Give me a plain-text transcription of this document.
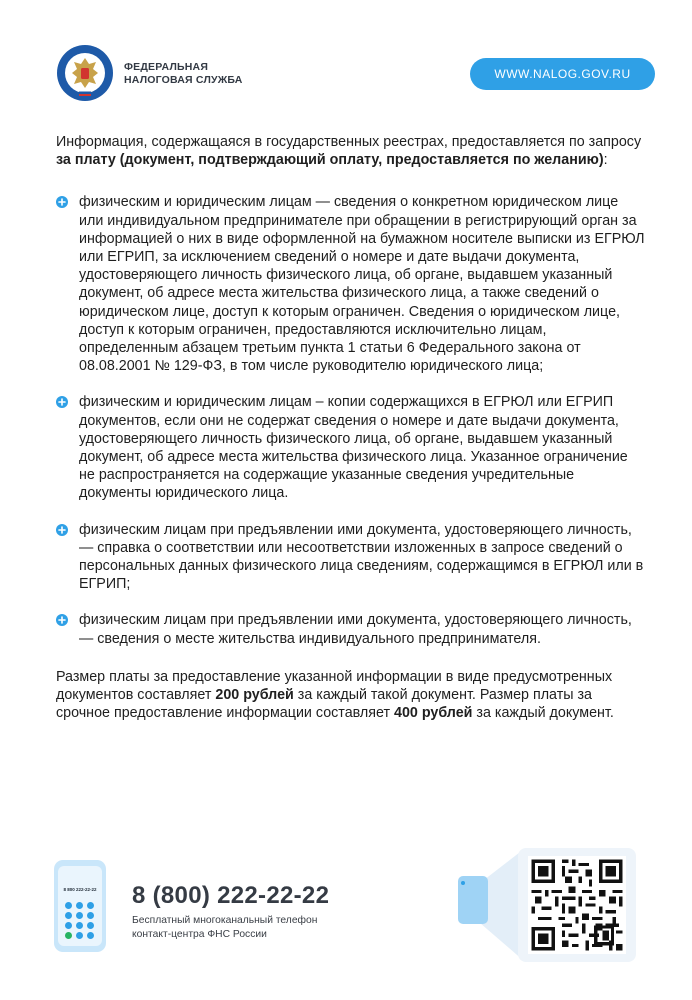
ФЕДЕРАЛЬНАЯ
НАЛОГОВАЯ СЛУЖБА	WWW.NALOG.GOV.RU

Информация, содержащаяся в государственных реестрах, предоставляется по запросу за плату (документ, подтверждающий оплату, предоставляется по желанию):

физическим и юридическим лицам — сведения о конкретном юридическом лице или индивидуальном предпринимателе при обращении в регистрирующий орган за информацией о них в виде оформленной на бумажном носителе выписки из ЕГРЮЛ или ЕГРИП, за исключением сведений о номере и дате выдачи документа, удостоверяющего личность физического лица, об органе, выдавшем указанный документ, об адресе места жительства физического лица, а также сведений о юридическом лице, доступ к которым ограничен. Сведения о юридическом лице, доступ к которым ограничен, предоставляются исключительно лицам, определенным абзацем третьим пункта 1 статьи 6 Федерального закона от 08.08.2001 № 129-ФЗ, в том числе руководителю юридического лица;
физическим и юридическим лицам – копии содержащихся в ЕГРЮЛ или ЕГРИП документов, если они не содержат сведения о номере и дате выдачи документа, удостоверяющего личность физического лица, об органе, выдавшем указанный документ, об адресе места жительства физического лица. Указанное ограничение не распространяется на содержащие указанные сведения учредительные документы юридического лица.
физическим лицам при предъявлении ими документа, удостоверяющего личность, — справка о соответствии или несоответствии изложенных в запросе сведений о персональных данных физического лица сведениям, содержащимся в ЕГРЮЛ или в ЕГРИП;
физическим лицам при предъявлении ими документа, удостоверяющего личность, — сведения о месте жительства индивидуального предпринимателя.

Размер платы за предоставление указанной информации в виде предусмотренных документов составляет 200 рублей за каждый такой документ. Размер платы за срочное предоставление информации составляет 400 рублей за каждый документ.

8 800 222-22-22 8 (800) 222-22-22
Бесплатный многоканальный телефон
контакт-центра ФНС России
